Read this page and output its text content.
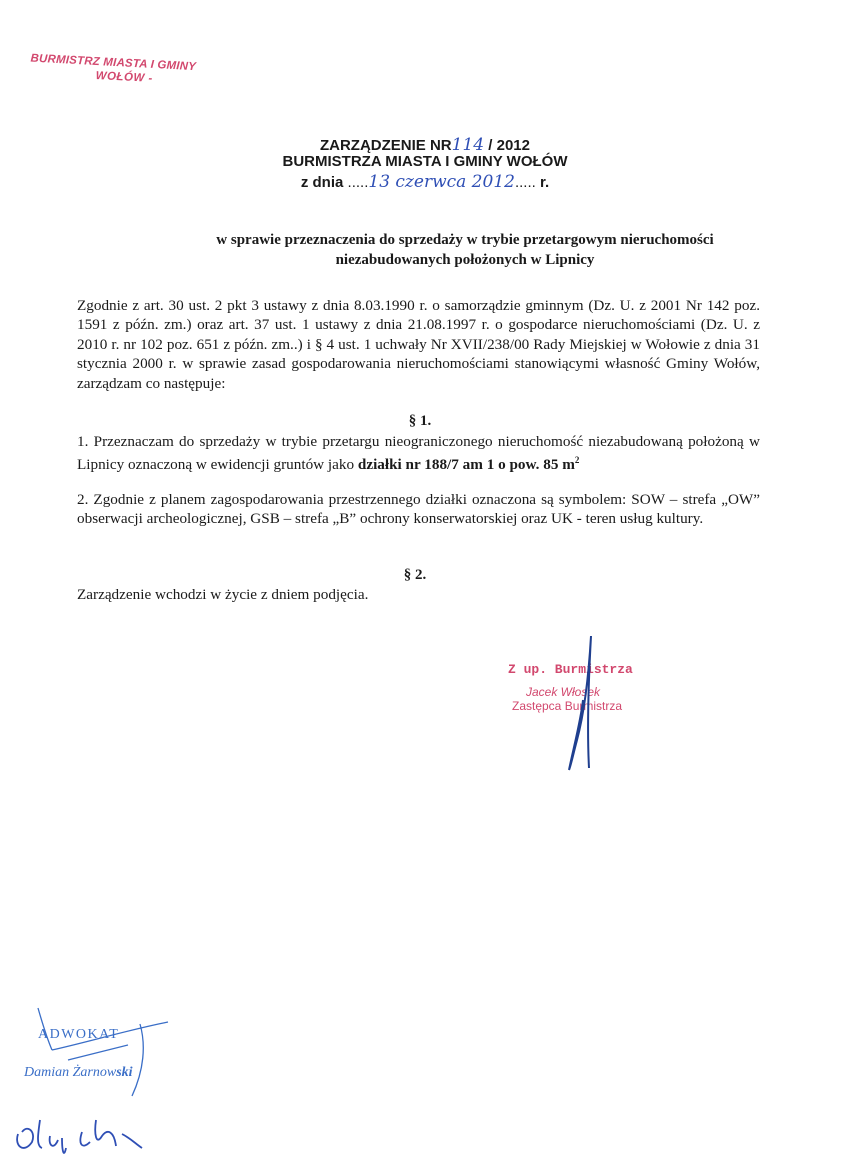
BURMISTRZ MIASTA I GMINY
WOŁÓW -
ZARZĄDZENIE NR114 / 2012
BURMISTRZA MIASTA I GMINY WOŁÓW
z dnia .....13 czerwca 2012..... r.
w sprawie przeznaczenia do sprzedaży w trybie przetargowym nieruchomości
niezabudowanych położonych w Lipnicy
Zgodnie z art. 30 ust. 2 pkt 3 ustawy z dnia 8.03.1990 r. o samorządzie gminnym (Dz. U. z 2001 Nr 142 poz. 1591 z późn. zm.) oraz art. 37 ust. 1 ustawy z dnia 21.08.1997 r. o gospodarce nieruchomościami (Dz. U. z 2010 r. nr 102 poz. 651 z późn. zm..) i § 4 ust. 1 uchwały Nr XVII/238/00 Rady Miejskiej w Wołowie z dnia 31 stycznia 2000 r. w sprawie zasad gospodarowania nieruchomościami stanowiącymi własność Gminy Wołów, zarządzam co następuje:
§ 1.
1. Przeznaczam do sprzedaży w trybie przetargu nieograniczonego nieruchomość niezabudowaną położoną w Lipnicy oznaczoną w ewidencji gruntów jako działki nr 188/7 am 1 o pow. 85 $m^2$
2. Zgodnie z planem zagospodarowania przestrzennego działki oznaczona są symbolem: SOW – strefa „OW” obserwacji archeologicznej, GSB – strefa „B” ochrony konserwatorskiej oraz UK - teren usług kultury.
§ 2.
Zarządzenie wchodzi w życie z dniem podjęcia.
Z up. Burmistrza
Jacek Włosek
Zastępca Burmistrza
ADWOKAT
Damian Żarnowski
